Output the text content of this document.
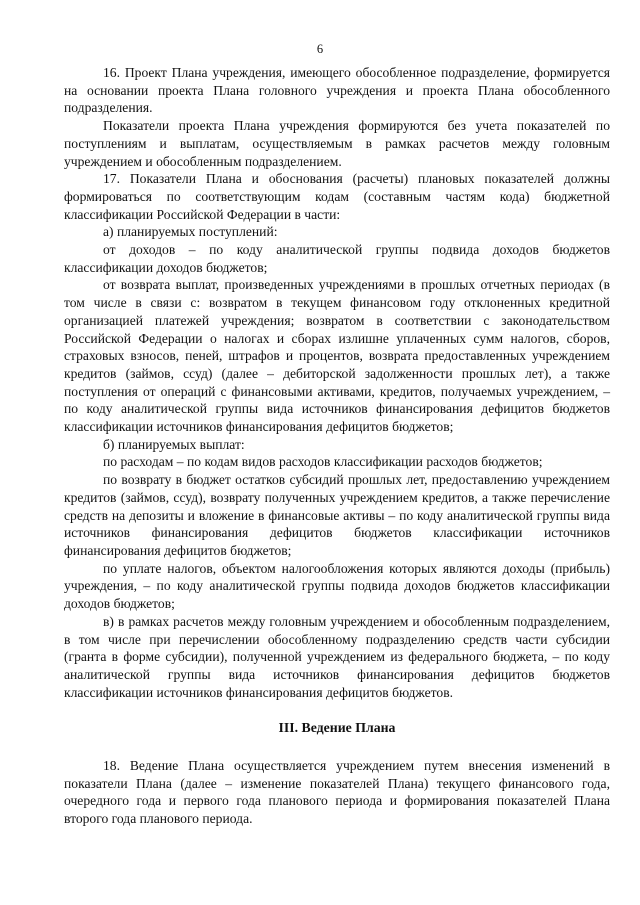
6

16. Проект Плана учреждения, имеющего обособленное подразделение, формируется на основании проекта Плана головного учреждения и проекта Плана обособленного подразделения.

Показатели проекта Плана учреждения формируются без учета показателей по поступлениям и выплатам, осуществляемым в рамках расчетов между головным учреждением и обособленным подразделением.

17. Показатели Плана и обоснования (расчеты) плановых показателей должны формироваться по соответствующим кодам (составным частям кода) бюджетной классификации Российской Федерации в части:

а) планируемых поступлений:

от доходов – по коду аналитической группы подвида доходов бюджетов классификации доходов бюджетов;

от возврата выплат, произведенных учреждениями в прошлых отчетных периодах (в том числе в связи с: возвратом в текущем финансовом году отклоненных кредитной организацией платежей учреждения; возвратом в соответствии с законодательством Российской Федерации о налогах и сборах излишне уплаченных сумм налогов, сборов, страховых взносов, пеней, штрафов и процентов, возврата предоставленных учреждением кредитов (займов, ссуд) (далее – дебиторской задолженности прошлых лет), а также поступления от операций с финансовыми активами, кредитов, получаемых учреждением, – по коду аналитической группы вида источников финансирования дефицитов бюджетов классификации источников финансирования дефицитов бюджетов;

б) планируемых выплат:

по расходам – по кодам видов расходов классификации расходов бюджетов;

по возврату в бюджет остатков субсидий прошлых лет, предоставлению учреждением кредитов (займов, ссуд), возврату полученных учреждением кредитов, а также перечисление средств на депозиты и вложение в финансовые активы – по коду аналитической группы вида источников финансирования дефицитов бюджетов классификации источников финансирования дефицитов бюджетов;

по уплате налогов, объектом налогообложения которых являются доходы (прибыль) учреждения, – по коду аналитической группы подвида доходов бюджетов классификации доходов бюджетов;

в) в рамках расчетов между головным учреждением и обособленным подразделением, в том числе при перечислении обособленному подразделению средств части субсидии (гранта в форме субсидии), полученной учреждением из федерального бюджета, – по коду аналитической группы вида источников финансирования дефицитов бюджетов классификации источников финансирования дефицитов бюджетов.

III. Ведение Плана

18. Ведение Плана осуществляется учреждением путем внесения изменений в показатели Плана (далее – изменение показателей Плана) текущего финансового года, очередного года и первого года планового периода и формирования показателей Плана второго года планового периода.
